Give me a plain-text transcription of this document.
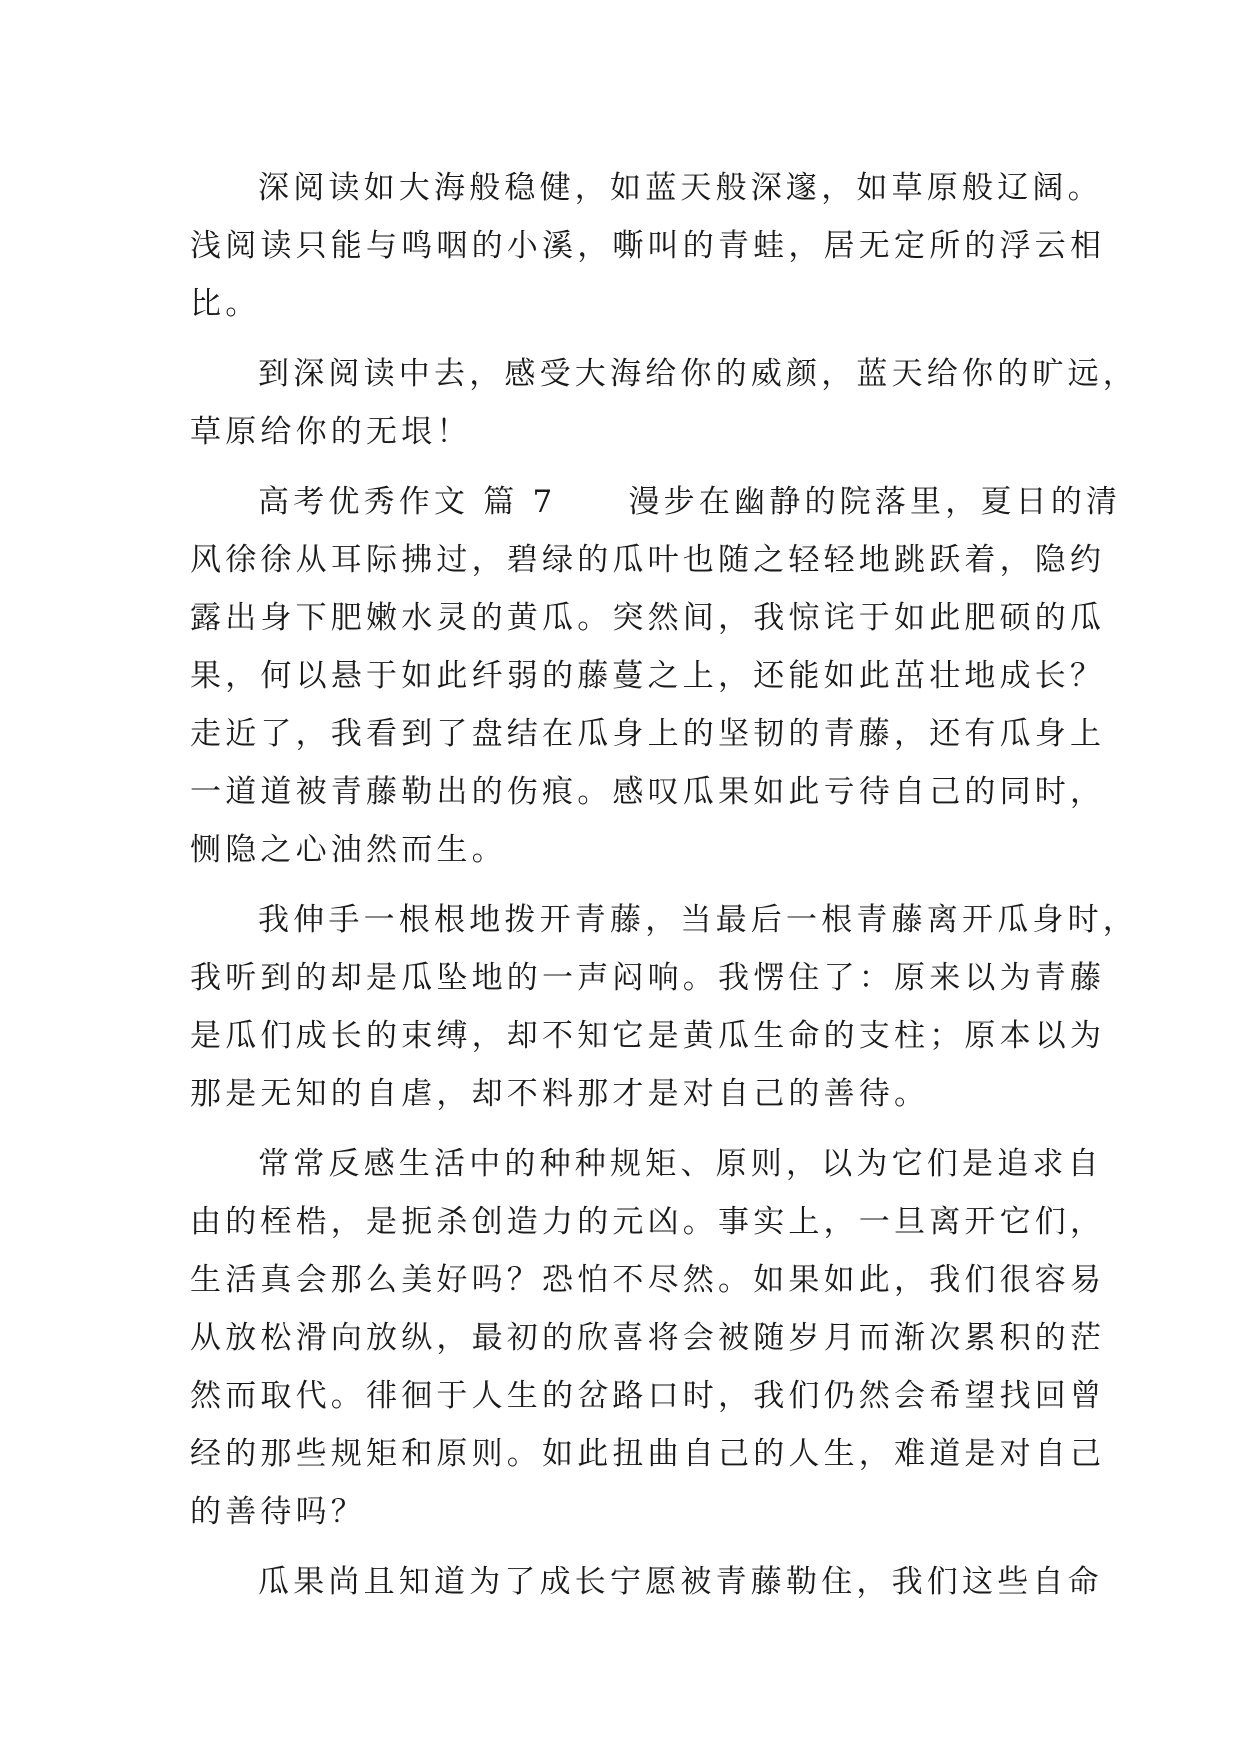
深阅读如大海般稳健，如蓝天般深邃，如草原般辽阔。
浅阅读只能与鸣咽的小溪，嘶叫的青蛙，居无定所的浮云相
比。
到深阅读中去，感受大海给你的威颜，蓝天给你的旷远，
草原给你的无垠！
高考优秀作文 篇 7 漫步在幽静的院落里，夏日的清
风徐徐从耳际拂过，碧绿的瓜叶也随之轻轻地跳跃着，隐约
露出身下肥嫩水灵的黄瓜。突然间，我惊诧于如此肥硕的瓜
果，何以悬于如此纤弱的藤蔓之上，还能如此茁壮地成长？
走近了，我看到了盘结在瓜身上的坚韧的青藤，还有瓜身上
一道道被青藤勒出的伤痕。感叹瓜果如此亏待自己的同时，
恻隐之心油然而生。
我伸手一根根地拨开青藤，当最后一根青藤离开瓜身时，
我听到的却是瓜坠地的一声闷响。我愣住了：原来以为青藤
是瓜们成长的束缚，却不知它是黄瓜生命的支柱；原本以为
那是无知的自虐，却不料那才是对自己的善待。
常常反感生活中的种种规矩、原则，以为它们是追求自
由的桎梏，是扼杀创造力的元凶。事实上，一旦离开它们，
生活真会那么美好吗？恐怕不尽然。如果如此，我们很容易
从放松滑向放纵，最初的欣喜将会被随岁月而渐次累积的茫
然而取代。徘徊于人生的岔路口时，我们仍然会希望找回曾
经的那些规矩和原则。如此扭曲自己的人生，难道是对自己
的善待吗？
瓜果尚且知道为了成长宁愿被青藤勒住，我们这些自命
